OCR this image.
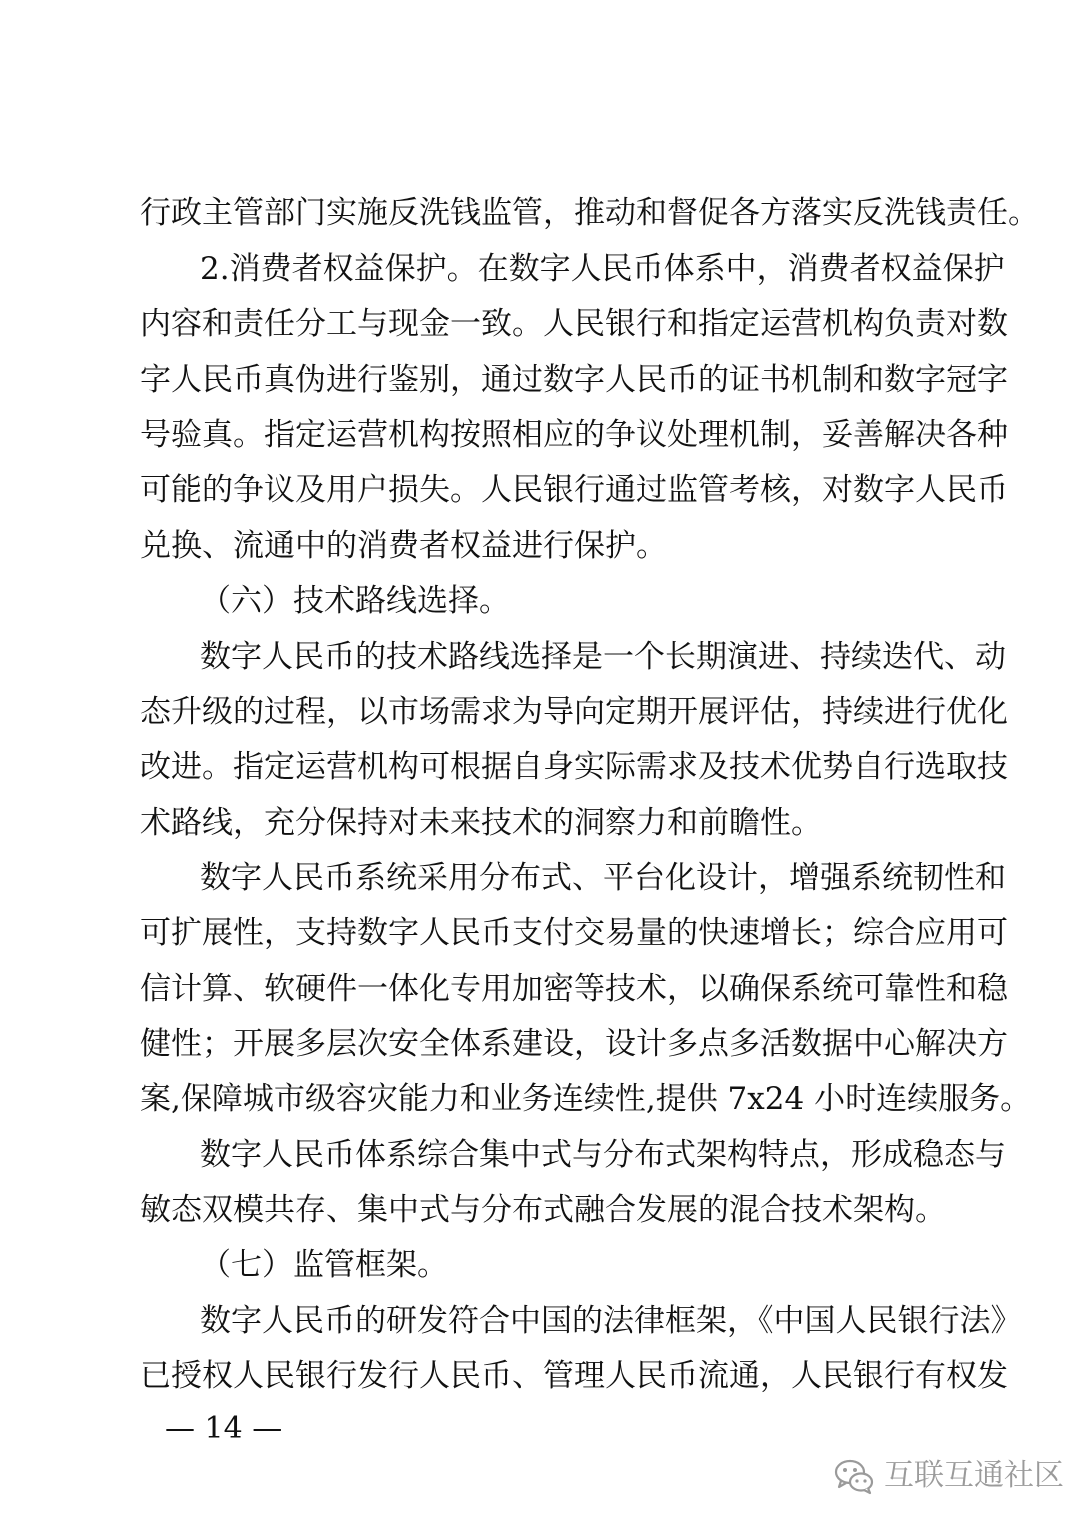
行政主管部门实施反洗钱监管，推动和督促各方落实反洗钱责任。
2.消费者权益保护。在数字人民币体系中，消费者权益保护
内容和责任分工与现金一致。人民银行和指定运营机构负责对数
字人民币真伪进行鉴别，通过数字人民币的证书机制和数字冠字
号验真。指定运营机构按照相应的争议处理机制，妥善解决各种
可能的争议及用户损失。人民银行通过监管考核，对数字人民币
兑换、流通中的消费者权益进行保护。
（六）技术路线选择。
数字人民币的技术路线选择是一个长期演进、持续迭代、动
态升级的过程，以市场需求为导向定期开展评估，持续进行优化
改进。指定运营机构可根据自身实际需求及技术优势自行选取技
术路线，充分保持对未来技术的洞察力和前瞻性。
数字人民币系统采用分布式、平台化设计，增强系统韧性和
可扩展性，支持数字人民币支付交易量的快速增长；综合应用可
信计算、软硬件一体化专用加密等技术，以确保系统可靠性和稳
健性；开展多层次安全体系建设，设计多点多活数据中心解决方
案,保障城市级容灾能力和业务连续性,提供 7x24 小时连续服务。
数字人民币体系综合集中式与分布式架构特点，形成稳态与
敏态双模共存、集中式与分布式融合发展的混合技术架构。
（七）监管框架。
数字人民币的研发符合中国的法律框架，《中国人民银行法》
已授权人民银行发行人民币、管理人民币流通，人民银行有权发
— 14 —
互联互通社区
